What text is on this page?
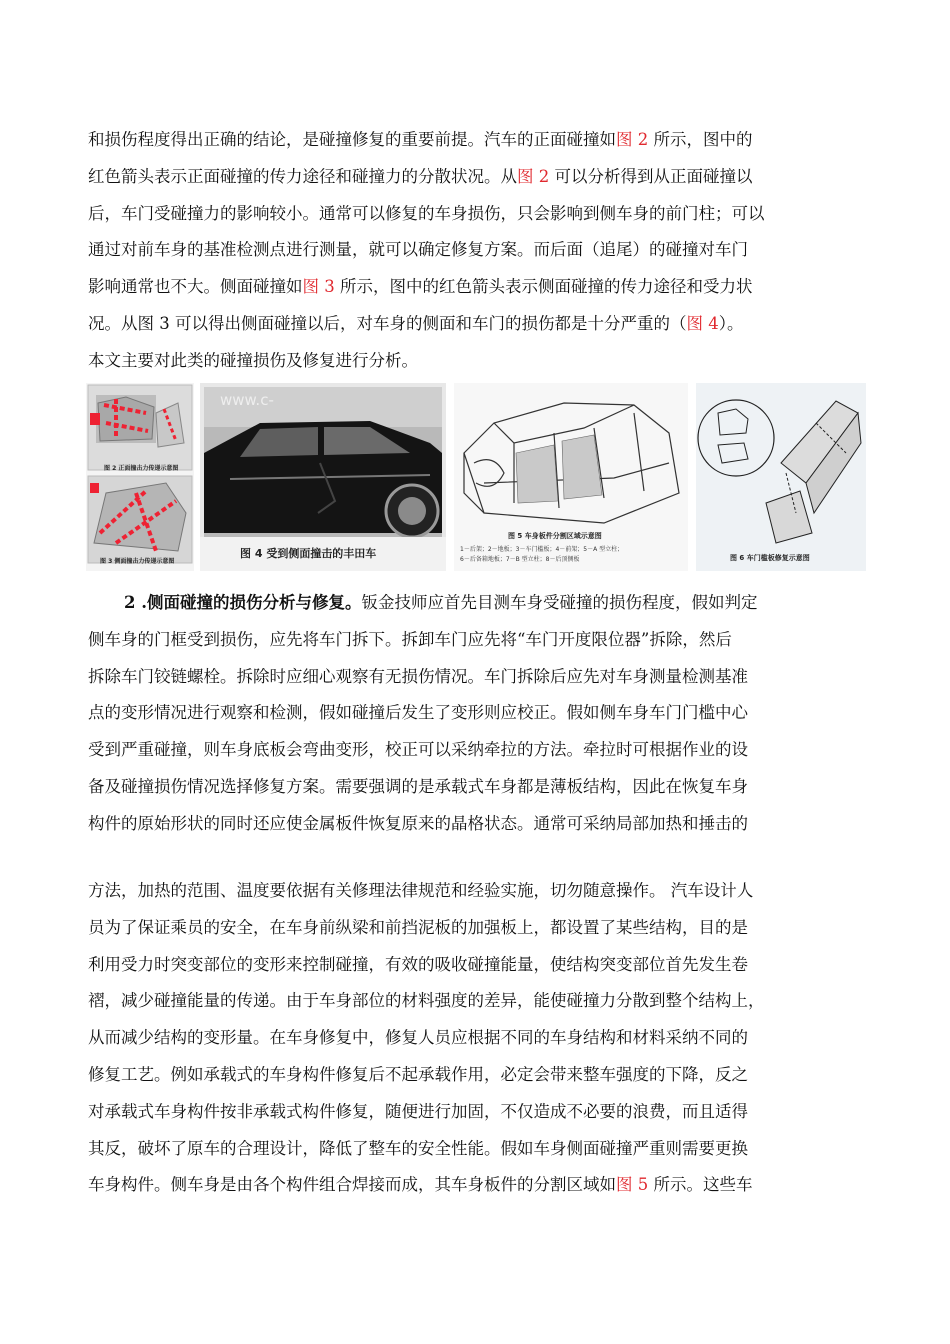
和损伤程度得出正确的结论，是碰撞修复的重要前提。汽车的正面碰撞如图 2 所示，图中的
红色箭头表示正面碰撞的传力途径和碰撞力的分散状况。从图 2 可以分析得到从正面碰撞以
后，车门受碰撞力的影响较小。通常可以修复的车身损伤，只会影响到侧车身的前门柱；可以
通过对前车身的基准检测点进行测量，就可以确定修复方案。而后面（追尾）的碰撞对车门
影响通常也不大。侧面碰撞如图 3 所示，图中的红色箭头表示侧面碰撞的传力途径和受力状
况。从图 3 可以得出侧面碰撞以后，对车身的侧面和车门的损伤都是十分严重的（图 4）。
本文主要对此类的碰撞损伤及修复进行分析。
图 2 正面撞击力传递示意图
图 3 侧面撞击力传递示意图
www.c-
图 4 受到侧面撞击的丰田车
图 5 车身板件分割区域示意图
1－后架；2－地板；3－车门槛板；4－前架；5－A 型立柱；
6－后备箱地板；7－B 型立柱；8－后顶侧板	图 6 车门槛板修复示意图
2 .侧面碰撞的损伤分析与修复。钣金技师应首先目测车身受碰撞的损伤程度，假如判定
侧车身的门框受到损伤，应先将车门拆下。拆卸车门应先将“车门开度限位器”拆除，然后
拆除车门铰链螺栓。拆除时应细心观察有无损伤情况。车门拆除后应先对车身测量检测基准
点的变形情况进行观察和检测，假如碰撞后发生了变形则应校正。假如侧车身车门门槛中心
受到严重碰撞，则车身底板会弯曲变形，校正可以采纳牵拉的方法。牵拉时可根据作业的设
备及碰撞损伤情况选择修复方案。需要强调的是承载式车身都是薄板结构，因此在恢复车身
构件的原始形状的同时还应使金属板件恢复原来的晶格状态。通常可采纳局部加热和捶击的
方法，加热的范围、温度要依据有关修理法律规范和经验实施，切勿随意操作。 汽车设计人
员为了保证乘员的安全，在车身前纵梁和前挡泥板的加强板上，都设置了某些结构，目的是
利用受力时突变部位的变形来控制碰撞，有效的吸收碰撞能量，使结构突变部位首先发生卷
褶，减少碰撞能量的传递。由于车身部位的材料强度的差异，能使碰撞力分散到整个结构上，
从而减少结构的变形量。在车身修复中，修复人员应根据不同的车身结构和材料采纳不同的
修复工艺。例如承载式的车身构件修复后不起承载作用，必定会带来整车强度的下降，反之
对承载式车身构件按非承载式构件修复，随便进行加固，不仅造成不必要的浪费，而且适得
其反，破坏了原车的合理设计，降低了整车的安全性能。假如车身侧面碰撞严重则需要更换
车身构件。侧车身是由各个构件组合焊接而成，其车身板件的分割区域如图 5 所示。这些车
